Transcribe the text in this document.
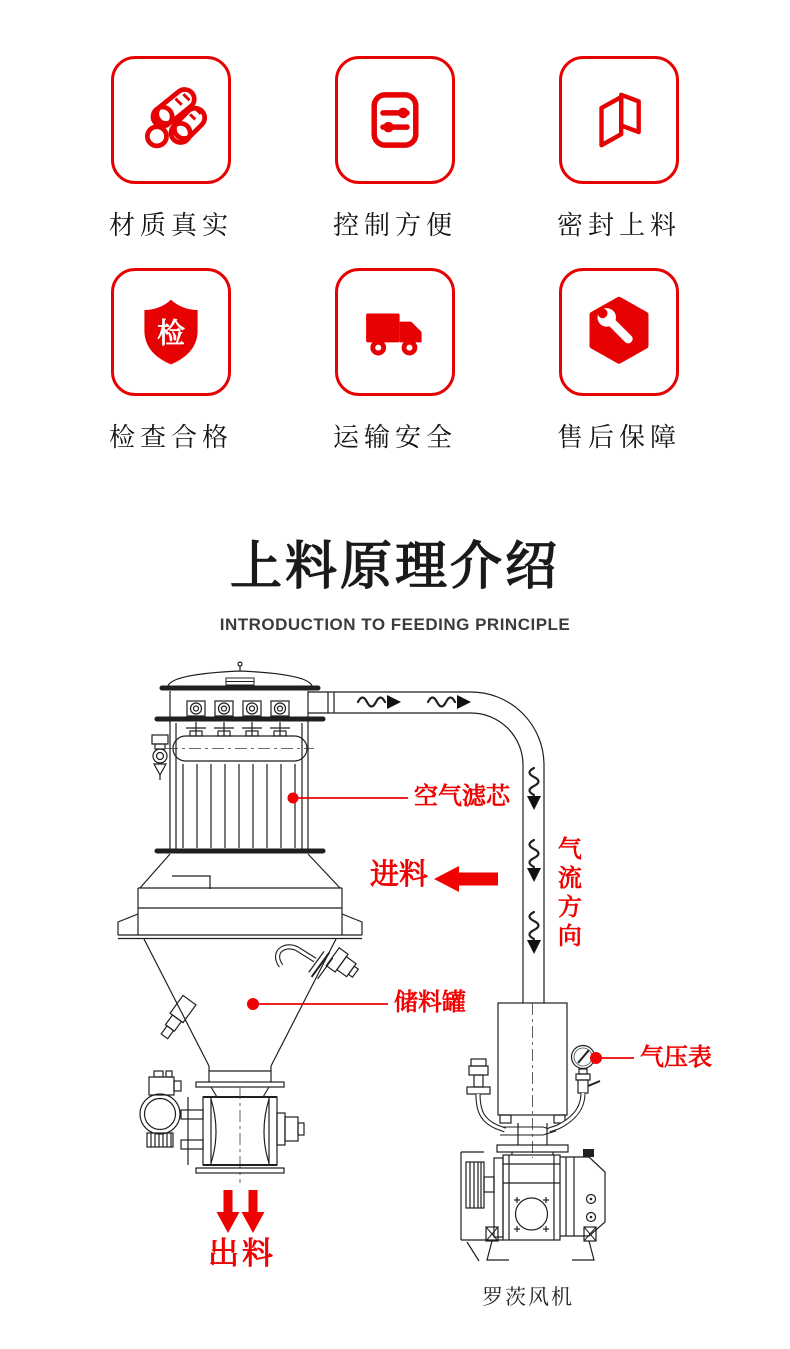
材质真实	控制方便	密封上料
检
检查合格	运输安全	售后保障
上料原理介绍
INTRODUCTION TO FEEDING PRINCIPLE
空气滤芯
进料	气流方向
储料罐
气压表
出料
罗茨风机
